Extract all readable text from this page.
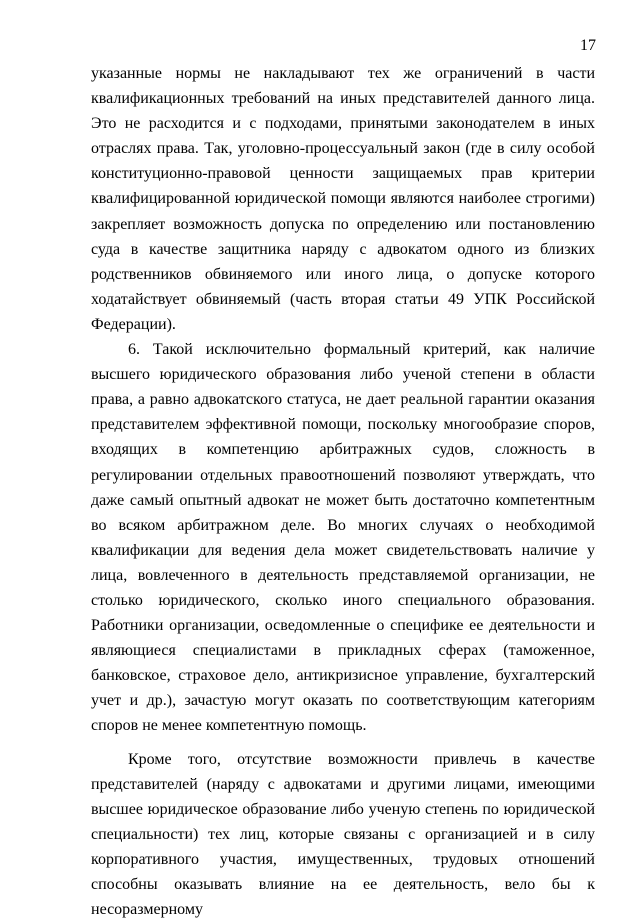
17

указанные нормы не накладывают тех же ограничений в части квалификационных требований на иных представителей данного лица. Это не расходится и с подходами, принятыми законодателем в иных отраслях права. Так, уголовно-процессуальный закон (где в силу особой конституционно-правовой ценности защищаемых прав критерии квалифицированной юридической помощи являются наиболее строгими) закрепляет возможность допуска по определению или постановлению суда в качестве защитника наряду с адвокатом одного из близких родственников обвиняемого или иного лица, о допуске которого ходатайствует обвиняемый (часть вторая статьи 49 УПК Российской Федерации).

6. Такой исключительно формальный критерий, как наличие высшего юридического образования либо ученой степени в области права, а равно адвокатского статуса, не дает реальной гарантии оказания представителем эффективной помощи, поскольку многообразие споров, входящих в компетенцию арбитражных судов, сложность в регулировании отдельных правоотношений позволяют утверждать, что даже самый опытный адвокат не может быть достаточно компетентным во всяком арбитражном деле. Во многих случаях о необходимой квалификации для ведения дела может свидетельствовать наличие у лица, вовлеченного в деятельность представляемой организации, не столько юридического, сколько иного специального образования. Работники организации, осведомленные о специфике ее деятельности и являющиеся специалистами в прикладных сферах (таможенное, банковское, страховое дело, антикризисное управление, бухгалтерский учет и др.), зачастую могут оказать по соответствующим категориям споров не менее компетентную помощь.

Кроме того, отсутствие возможности привлечь в качестве представителей (наряду с адвокатами и другими лицами, имеющими высшее юридическое образование либо ученую степень по юридической специальности) тех лиц, которые связаны с организацией и в силу корпоративного участия, имущественных, трудовых отношений способны оказывать влияние на ее деятельность, вело бы к несоразмерному
